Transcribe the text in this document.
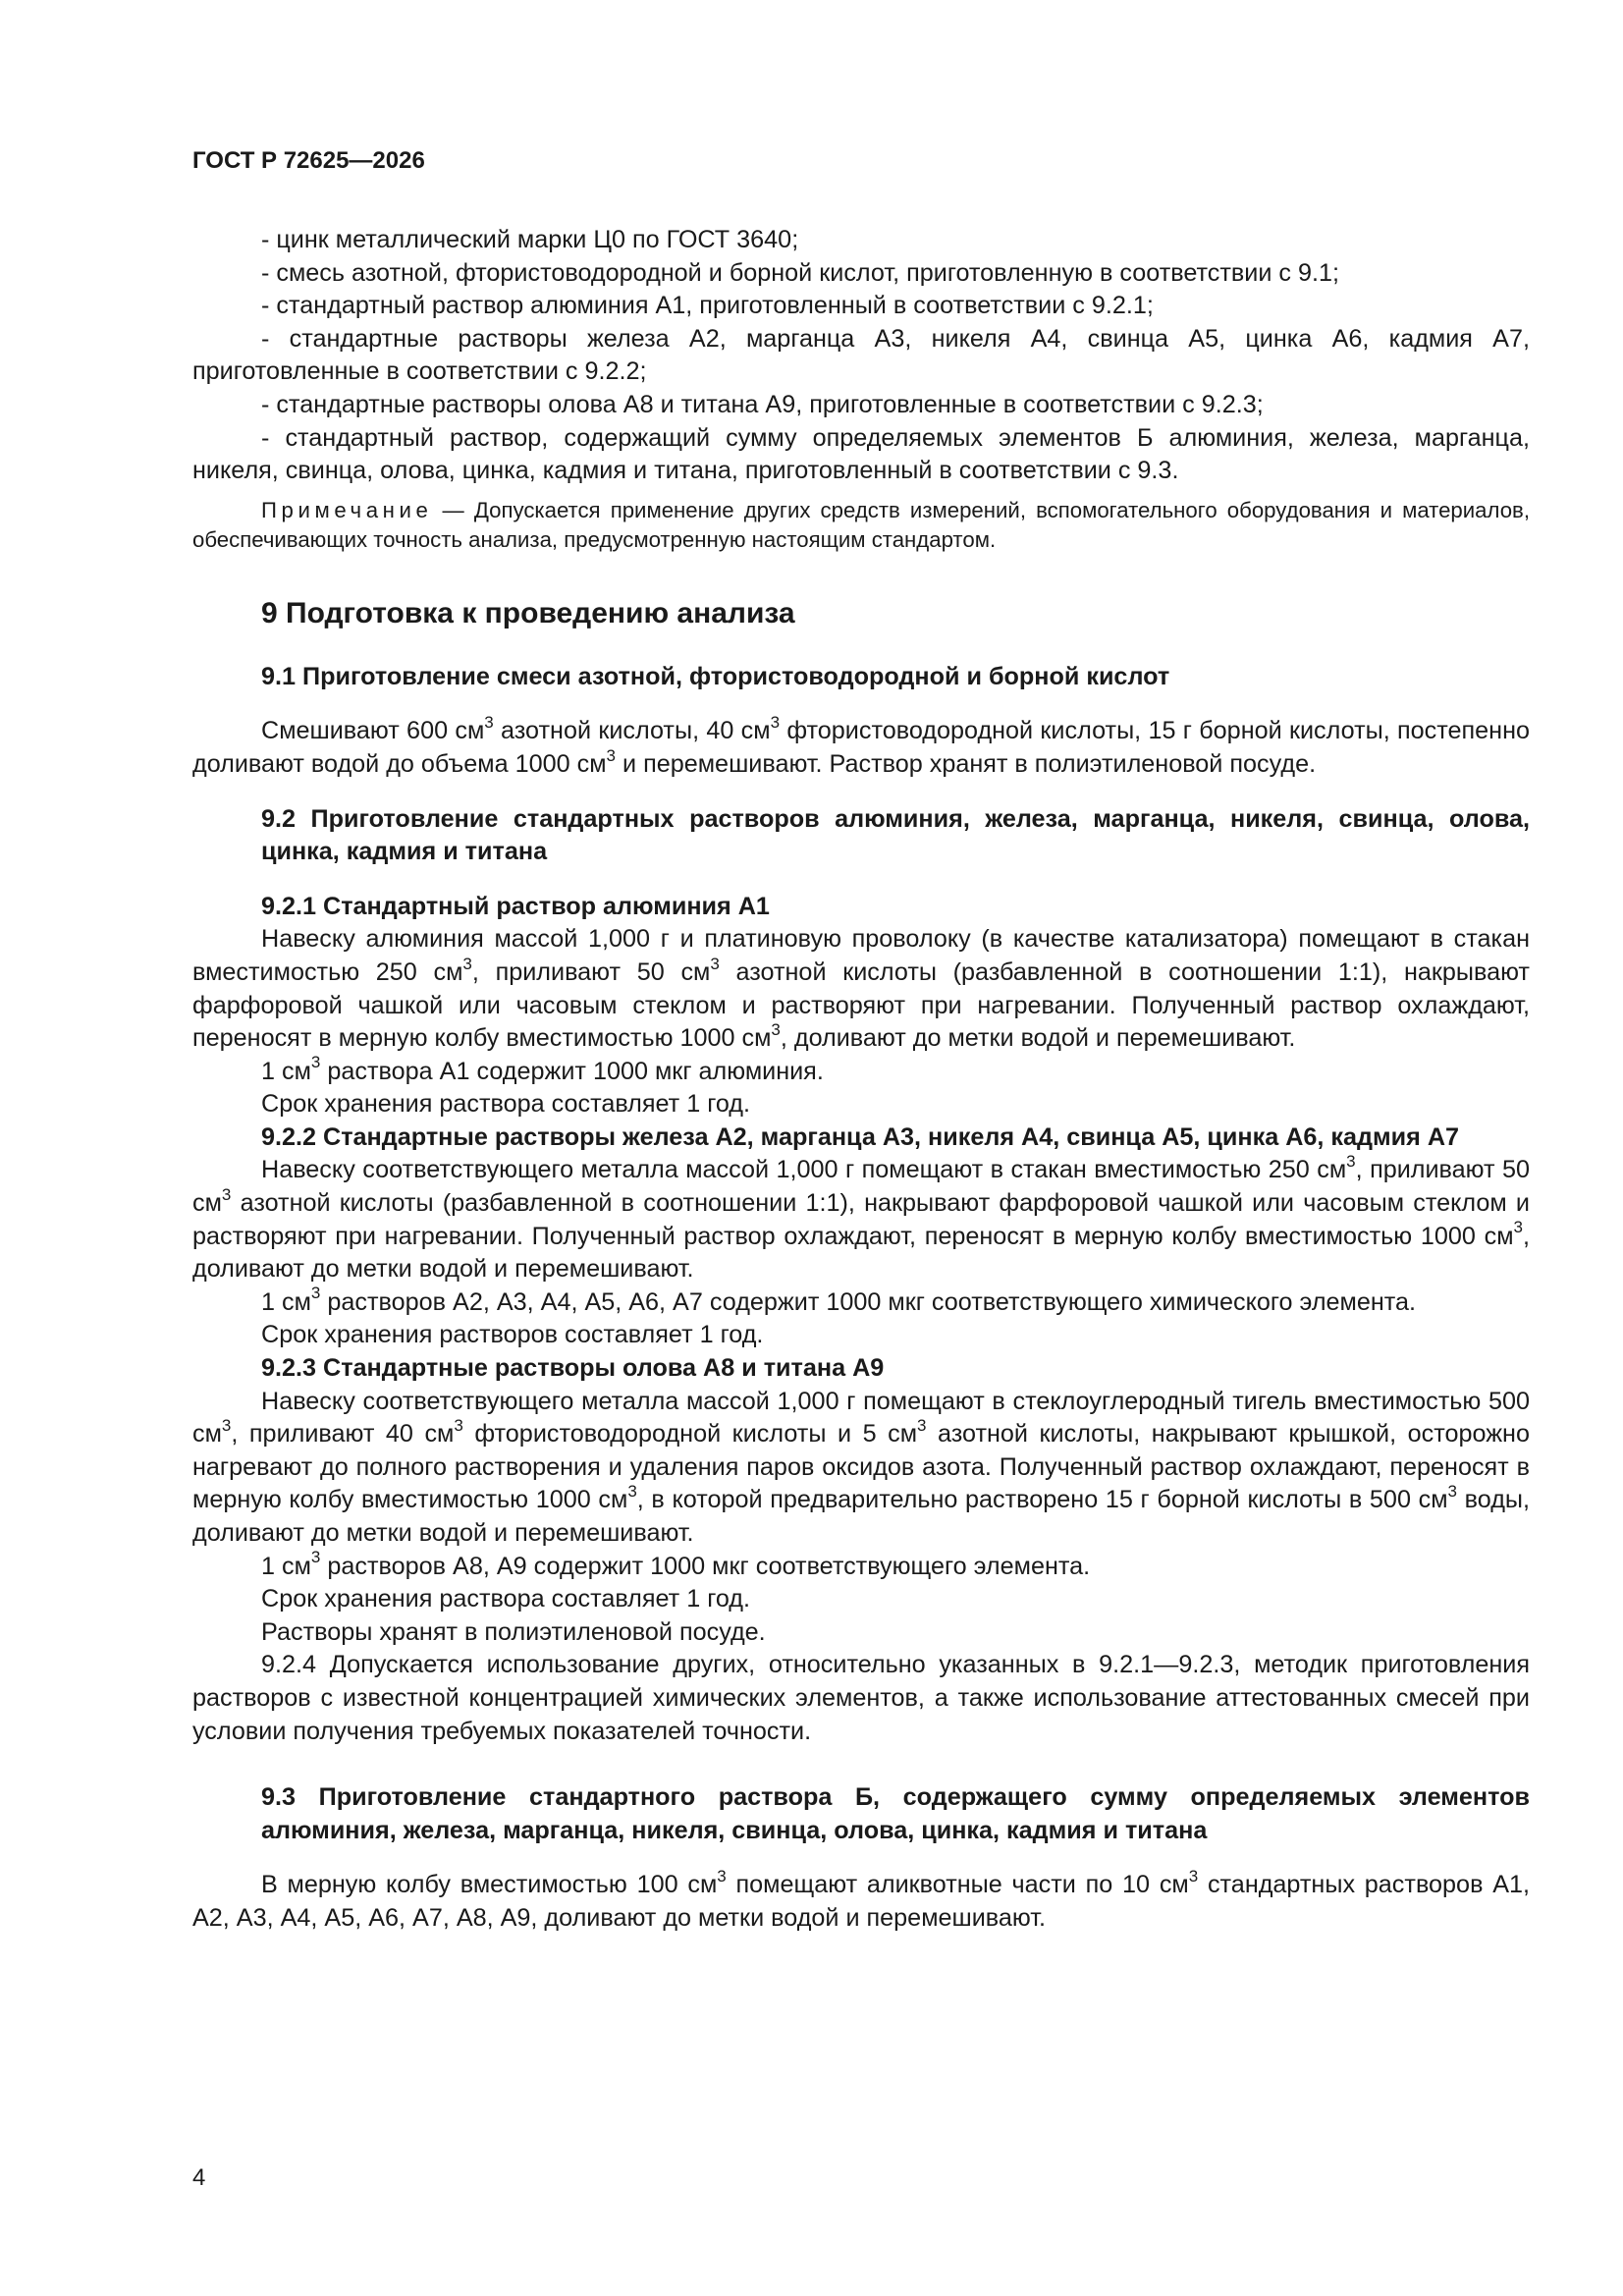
ГОСТ Р 72625—2026

- цинк металлический марки Ц0 по ГОСТ 3640;

- смесь азотной, фтористоводородной и борной кислот, приготовленную в соответствии с 9.1;

- стандартный раствор алюминия А1, приготовленный в соответствии с 9.2.1;

- стандартные растворы железа А2, марганца А3, никеля А4, свинца А5, цинка А6, кадмия А7, приготовленные в соответствии с 9.2.2;

- стандартные растворы олова А8 и титана А9, приготовленные в соответствии с 9.2.3;

- стандартный раствор, содержащий сумму определяемых элементов Б алюминия, железа, марганца, никеля, свинца, олова, цинка, кадмия и титана, приготовленный в соответствии с 9.3.

Примечание — Допускается применение других средств измерений, вспомогательного оборудования и материалов, обеспечивающих точность анализа, предусмотренную настоящим стандартом.

9 Подготовка к проведению анализа

9.1 Приготовление смеси азотной, фтористоводородной и борной кислот

Смешивают 600 $см^3$ азотной кислоты, 40 $см^3$ фтористоводородной кислоты, 15 г борной кислоты, постепенно доливают водой до объема 1000 $см^3$ и перемешивают. Раствор хранят в полиэтиленовой посуде.

9.2 Приготовление стандартных растворов алюминия, железа, марганца, никеля, свинца, олова, цинка, кадмия и титана

9.2.1 Стандартный раствор алюминия А1

Навеску алюминия массой 1,000 г и платиновую проволоку (в качестве катализатора) помещают в стакан вместимостью 250 $см^3$, приливают 50 $см^3$ азотной кислоты (разбавленной в соотношении 1:1), накрывают фарфоровой чашкой или часовым стеклом и растворяют при нагревании. Полученный раствор охлаждают, переносят в мерную колбу вместимостью 1000 $см^3$, доливают до метки водой и перемешивают.

1 $см^3$ раствора А1 содержит 1000 мкг алюминия.

Срок хранения раствора составляет 1 год.

9.2.2 Стандартные растворы железа А2, марганца А3, никеля А4, свинца А5, цинка А6, кадмия А7

Навеску соответствующего металла массой 1,000 г помещают в стакан вместимостью 250 $см^3$, приливают 50 $см^3$ азотной кислоты (разбавленной в соотношении 1:1), накрывают фарфоровой чашкой или часовым стеклом и растворяют при нагревании. Полученный раствор охлаждают, переносят в мерную колбу вместимостью 1000 $см^3$, доливают до метки водой и перемешивают.

1 $см^3$ растворов А2, А3, А4, А5, А6, А7 содержит 1000 мкг соответствующего химического элемента.

Срок хранения растворов составляет 1 год.

9.2.3 Стандартные растворы олова А8 и титана А9

Навеску соответствующего металла массой 1,000 г помещают в стеклоуглеродный тигель вместимостью 500 $см^3$, приливают 40 $см^3$ фтористоводородной кислоты и 5 $см^3$ азотной кислоты, накрывают крышкой, осторожно нагревают до полного растворения и удаления паров оксидов азота. Полученный раствор охлаждают, переносят в мерную колбу вместимостью 1000 $см^3$, в которой предварительно растворено 15 г борной кислоты в 500 $см^3$ воды, доливают до метки водой и перемешивают.

1 $см^3$ растворов А8, А9 содержит 1000 мкг соответствующего элемента.

Срок хранения раствора составляет 1 год.

Растворы хранят в полиэтиленовой посуде.

9.2.4 Допускается использование других, относительно указанных в 9.2.1—9.2.3, методик приготовления растворов с известной концентрацией химических элементов, а также использование аттестованных смесей при условии получения требуемых показателей точности.

9.3 Приготовление стандартного раствора Б, содержащего сумму определяемых элементов алюминия, железа, марганца, никеля, свинца, олова, цинка, кадмия и титана

В мерную колбу вместимостью 100 $см^3$ помещают аликвотные части по 10 $см^3$ стандартных растворов А1, А2, А3, А4, А5, А6, А7, А8, А9, доливают до метки водой и перемешивают.

4
